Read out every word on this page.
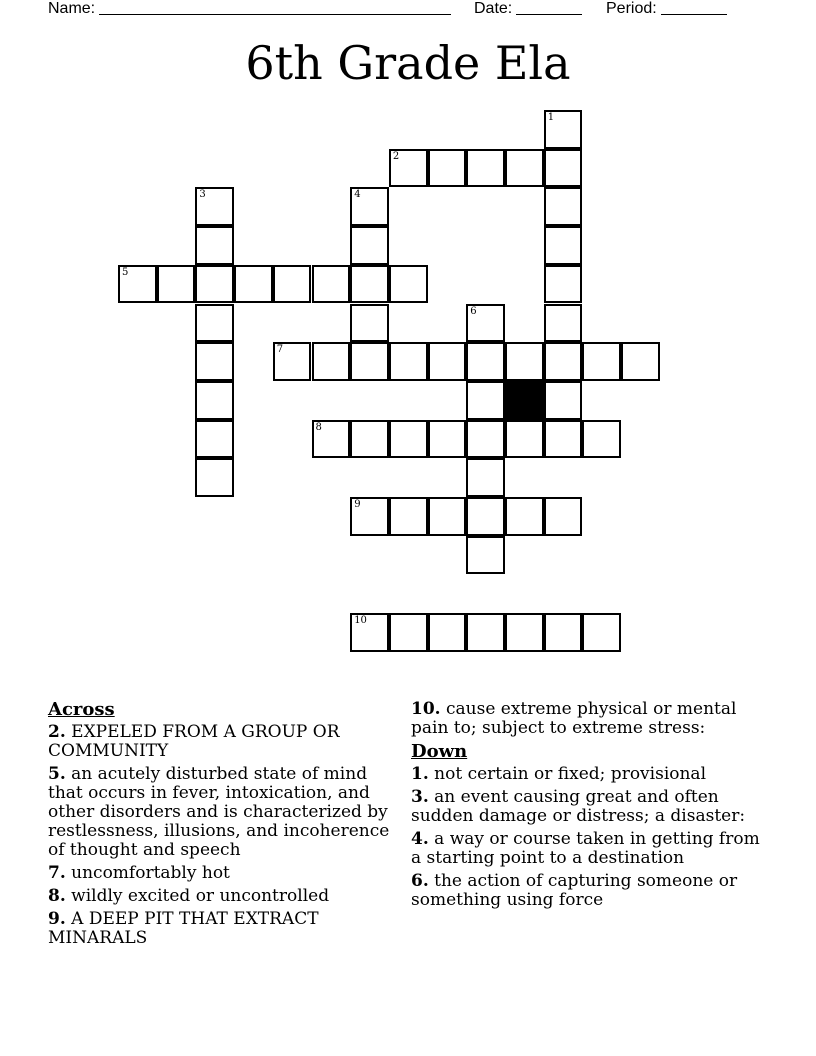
Name:	Date:	Period:
6th Grade Ela
1
2
3	4
5
6
7
8
9
10
Across
2. EXPELED FROM A GROUP OR COMMUNITY
5. an acutely disturbed state of mind that occurs in fever, intoxication, and other disorders and is characterized by restlessness, illusions, and incoherence of thought and speech
7. uncomfortably hot
8. wildly excited or uncontrolled
9. A DEEP PIT THAT EXTRACT MINARALS
10. cause extreme physical or mental pain to; subject to extreme stress:
Down
1. not certain or fixed; provisional
3. an event causing great and often sudden damage or distress; a disaster:
4. a way or course taken in getting from a starting point to a destination
6. the action of capturing someone or something using force
